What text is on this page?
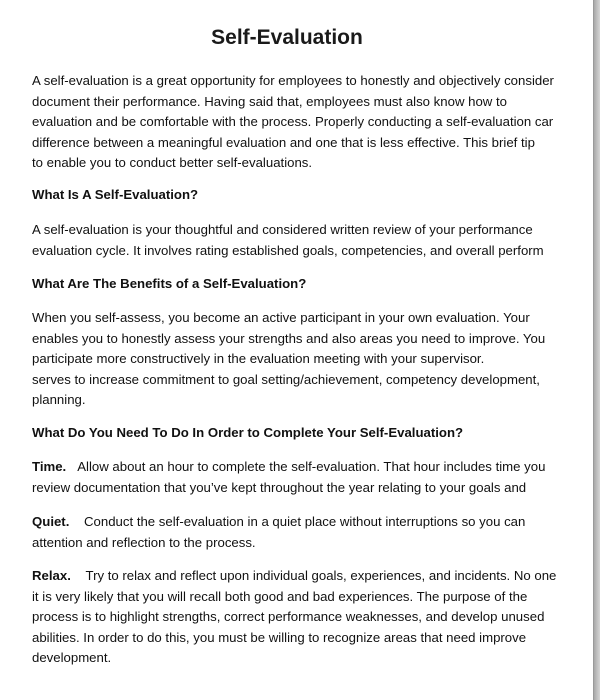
Self-Evaluation
A self-evaluation is a great opportunity for employees to honestly and objectively consider
document their performance. Having said that, employees must also know how to
evaluation and be comfortable with the process. Properly conducting a self-evaluation car
difference between a meaningful evaluation and one that is less effective. This brief tip
to enable you to conduct better self-evaluations.
What Is A Self-Evaluation?
A self-evaluation is your thoughtful and considered written review of your performance
evaluation cycle. It involves rating established goals, competencies, and overall perform
What Are The Benefits of a Self-Evaluation?
When you self-assess, you become an active participant in your own evaluation. Your
enables you to honestly assess your strengths and also areas you need to improve. You
participate more constructively in the evaluation meeting with your supervisor.
serves to increase commitment to goal setting/achievement, competency development,
planning.
What Do You Need To Do In Order to Complete Your Self-Evaluation?
Time. Allow about an hour to complete the self-evaluation. That hour includes time you
review documentation that you’ve kept throughout the year relating to your goals and
Quiet. Conduct the self-evaluation in a quiet place without interruptions so you can
attention and reflection to the process.
Relax. Try to relax and reflect upon individual goals, experiences, and incidents. No one
it is very likely that you will recall both good and bad experiences. The purpose of the
process is to highlight strengths, correct performance weaknesses, and develop unused
abilities. In order to do this, you must be willing to recognize areas that need improve
development.
